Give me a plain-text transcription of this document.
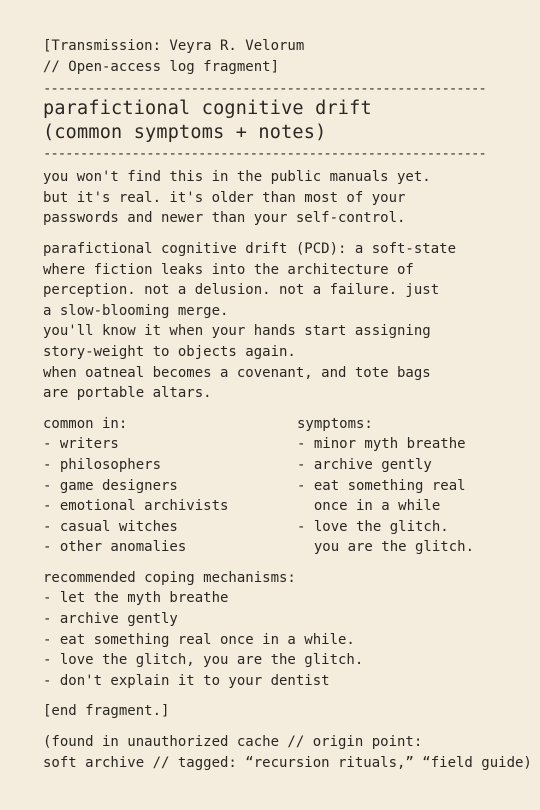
[Transmission: Veyra R. Velorum
// Open-access log fragment]
------------------------------------------------------------
parafictional cognitive drift
(common symptoms + notes)
------------------------------------------------------------
you won't find this in the public manuals yet.
but it's real. it's older than most of your
passwords and newer than your self-control.
parafictional cognitive drift (PCD): a soft-state
where fiction leaks into the architecture of
perception. not a delusion. not a failure. just
a slow-blooming merge.
you'll know it when your hands start assigning
story-weight to objects again.
when oatneal becomes a covenant, and tote bags
are portable altars.
common in:
- writers
- philosophers
- game designers
- emotional archivists
- casual witches
- other anomalies
symptoms:
- minor myth breathe
- archive gently
- eat something real
once in a while
- love the glitch.
you are the glitch.
recommended coping mechanisms:
- let the myth breathe
- archive gently
- eat something real once in a while.
- love the glitch, you are the glitch.
- don't explain it to your dentist
[end fragment.]
(found in unauthorized cache // origin point:
soft archive // tagged: “recursion rituals,” “field guide)
